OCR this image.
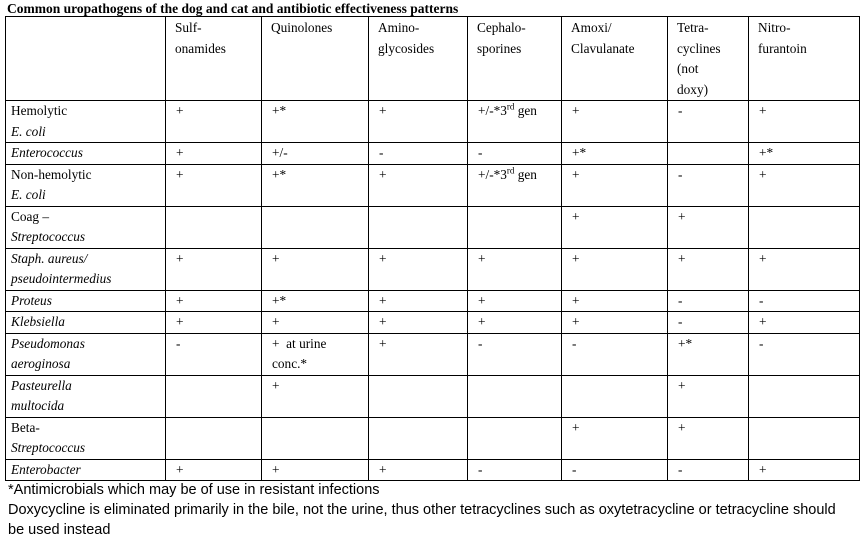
Common uropathogens of the dog and cat and antibiotic effectiveness patterns

	Sulf-
onamides	Quinolones	Amino-
glycosides	Cephalo-
sporines	Amoxi/
Clavulanate	Tetra-
cyclines
(not
doxy)	Nitro-
furantoin

Hemolytic
E. coli	+	+*	+	+/-*3rd gen	+	-	+

Enterococcus	+	+/-	-	-	+*		+*

Non-hemolytic
E. coli	+	+*	+	+/-*3rd gen	+	-	+

Coag –
Streptococcus					+	+	

Staph. aureus/
pseudointermedius	+	+	+	+	+	+	+

Proteus	+	+*	+	+	+	-	-

Klebsiella	+	+	+	+	+	-	+

Pseudomonas
aeroginosa	-	+  at urine
conc.*	+	-	-	+*	-

Pasteurella
multocida		+				+	

Beta-
Streptococcus					+	+	

Enterobacter	+	+	+	-	-	-	+
*Antimicrobials which may be of use in resistant infections
Doxycycline is eliminated primarily in the bile, not the urine, thus other tetracyclines such as oxytetracycline or tetracycline should
be used instead
